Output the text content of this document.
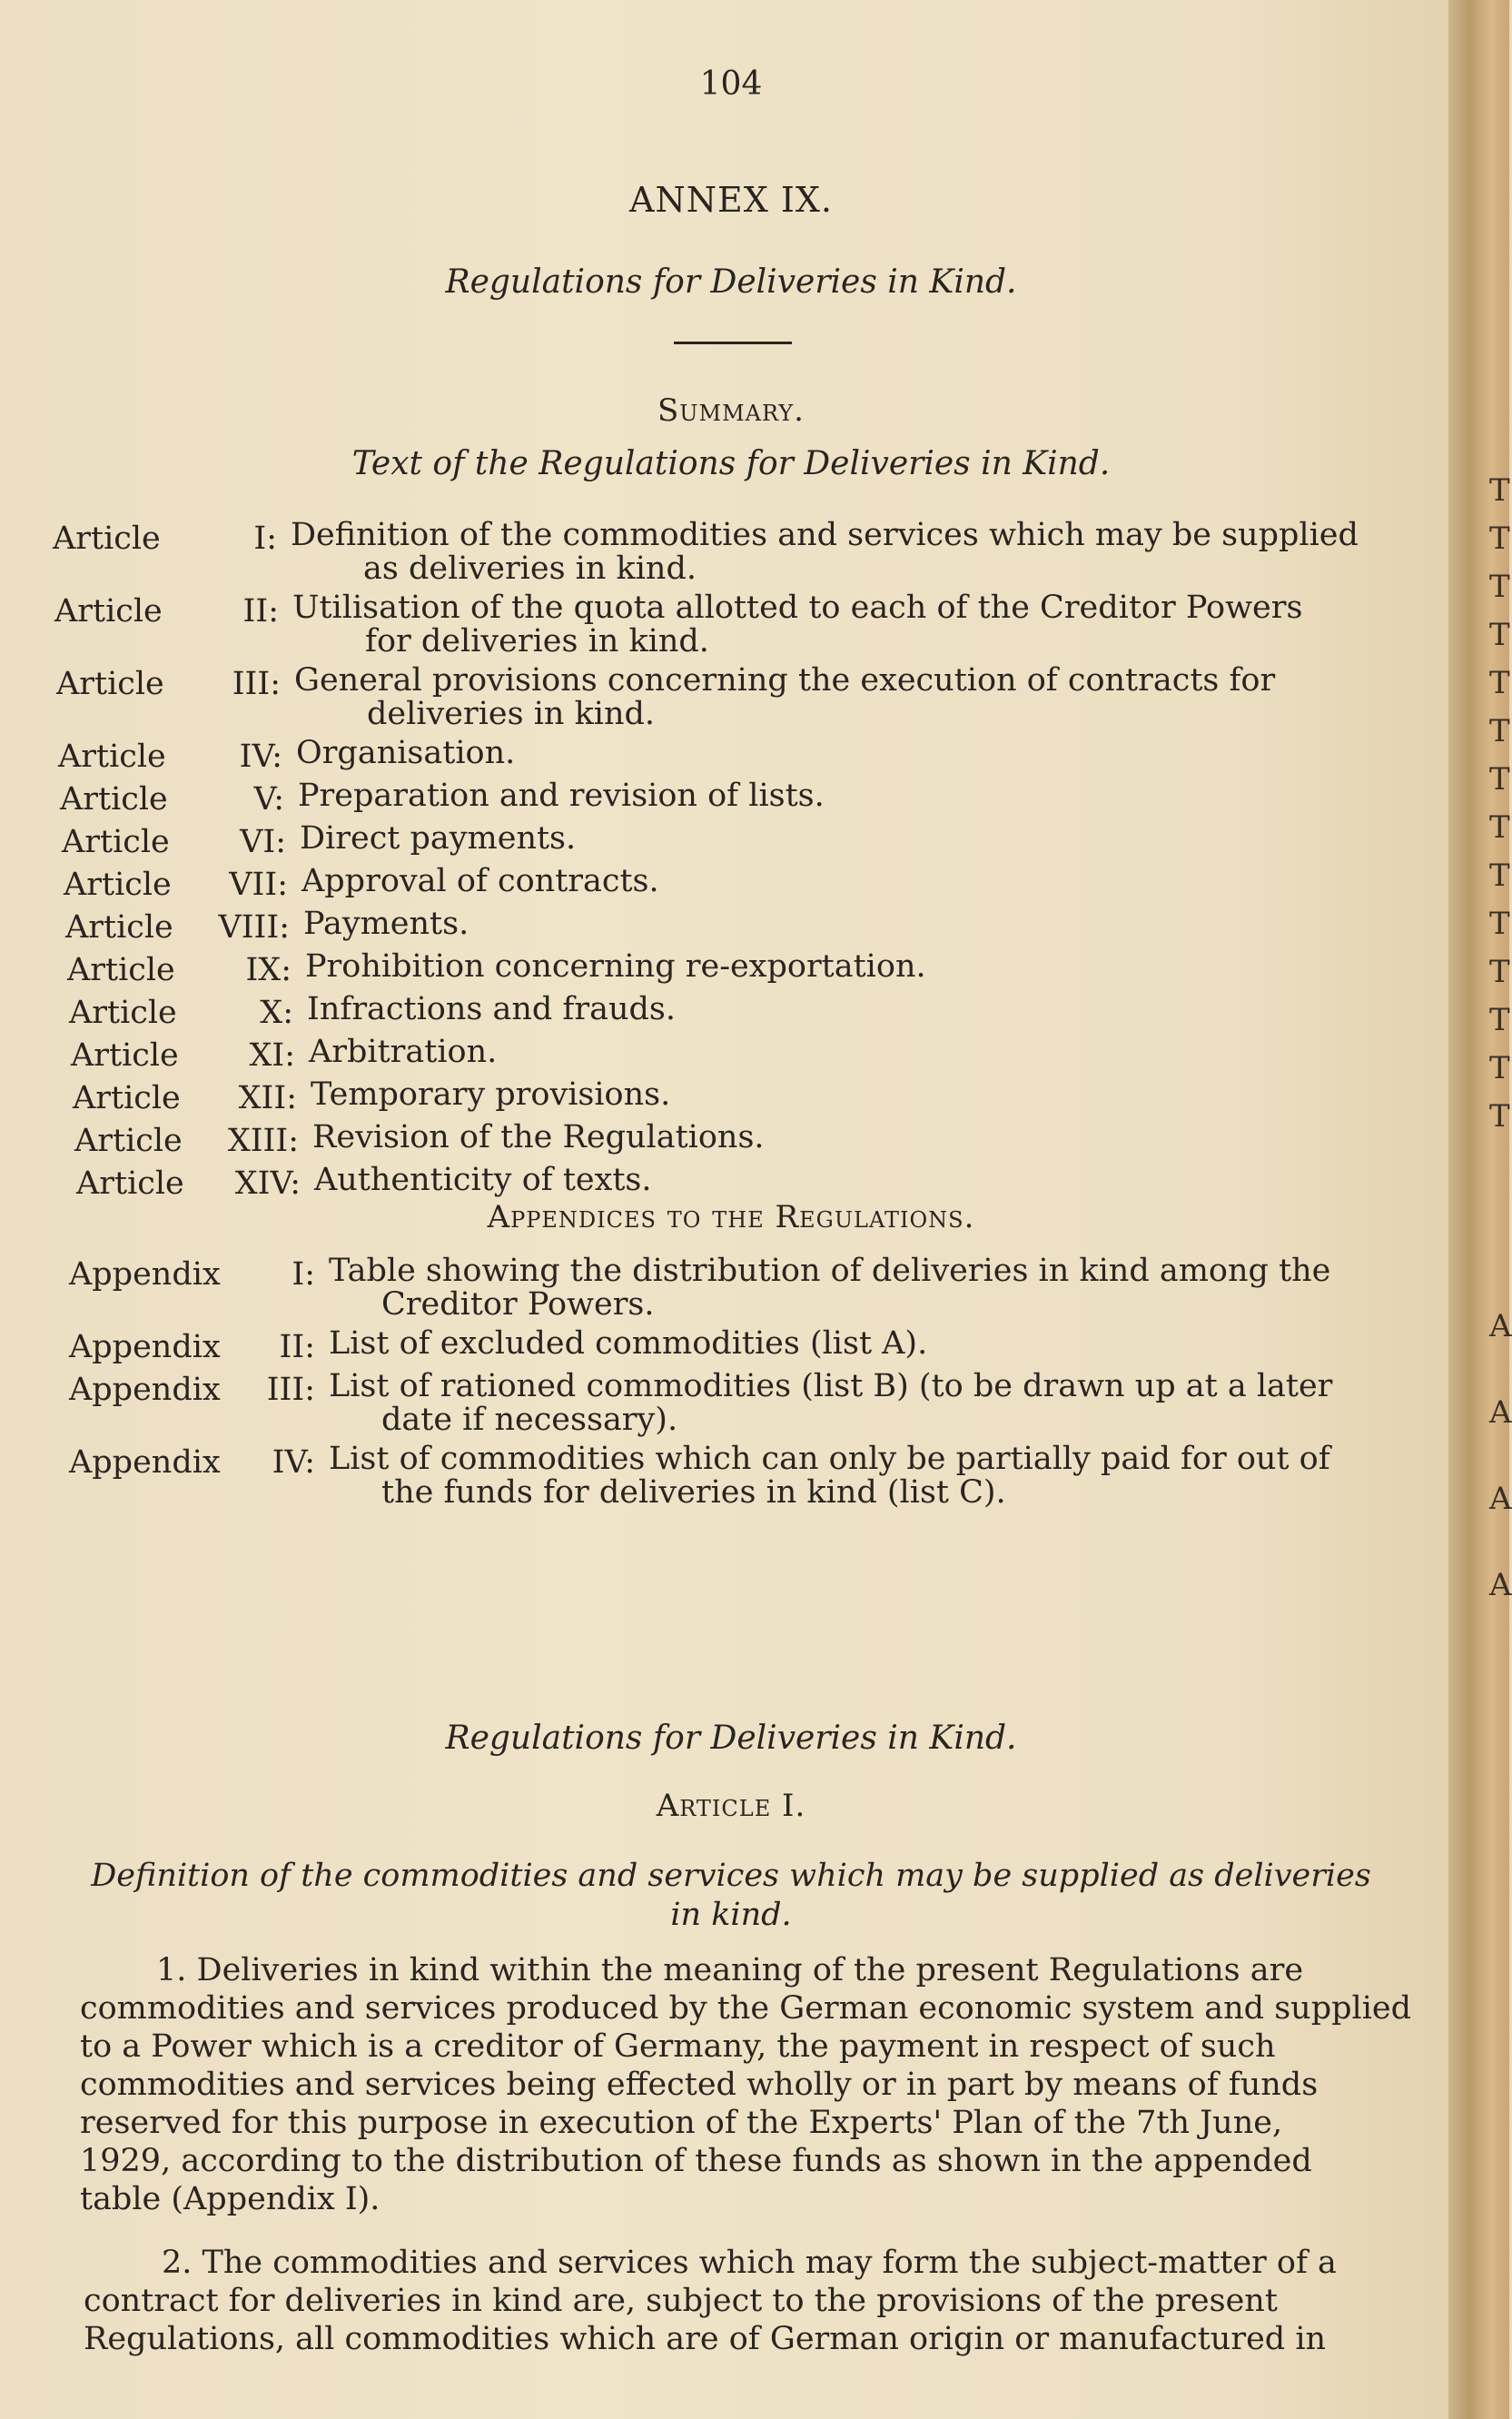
T
T
T
T
T
T
T
T
T
T
T
T
T
T
A
A
A
A
104
ANNEX IX.
Regulations for Deliveries in Kind.
Summary.
Text of the Regulations for Deliveries in Kind.
Article	I: Definition of the commodities and services which may be supplied
as deliveries in kind.
Article	II: Utilisation of the quota allotted to each of the Creditor Powers
for deliveries in kind.
Article	III: General provisions concerning the execution of contracts for
deliveries in kind.
Article	IV: Organisation.
Article	V: Preparation and revision of lists.
Article	VI: Direct payments.
Article	VII: Approval of contracts.
Article VIII: Payments.
Article	IX: Prohibition concerning re-exportation.
Article	X: Infractions and frauds.
Article	XI: Arbitration.
Article	XII: Temporary provisions.
Article XIII: Revision of the Regulations.
Article XIV: Authenticity of texts.
Appendices to the Regulations.
Appendix	I: Table showing the distribution of deliveries in kind among the
Creditor Powers.
Appendix	II: List of excluded commodities (list A).
Appendix	III: List of rationed commodities (list B) (to be drawn up at a later
date if necessary).
Appendix	IV: List of commodities which can only be partially paid for out of
the funds for deliveries in kind (list C).
Regulations for Deliveries in Kind.
Article I.
Definition of the commodities and services which may be supplied as deliveries
in kind.
1. Deliveries in kind within the meaning of the present Regulations are
commodities and services produced by the German economic system and supplied
to a Power which is a creditor of Germany, the payment in respect of such
commodities and services being effected wholly or in part by means of funds
reserved for this purpose in execution of the Experts' Plan of the 7th June,
1929, according to the distribution of these funds as shown in the appended
table (Appendix I).
2. The commodities and services which may form the subject-matter of a
contract for deliveries in kind are, subject to the provisions of the present
Regulations, all commodities which are of German origin or manufactured in
